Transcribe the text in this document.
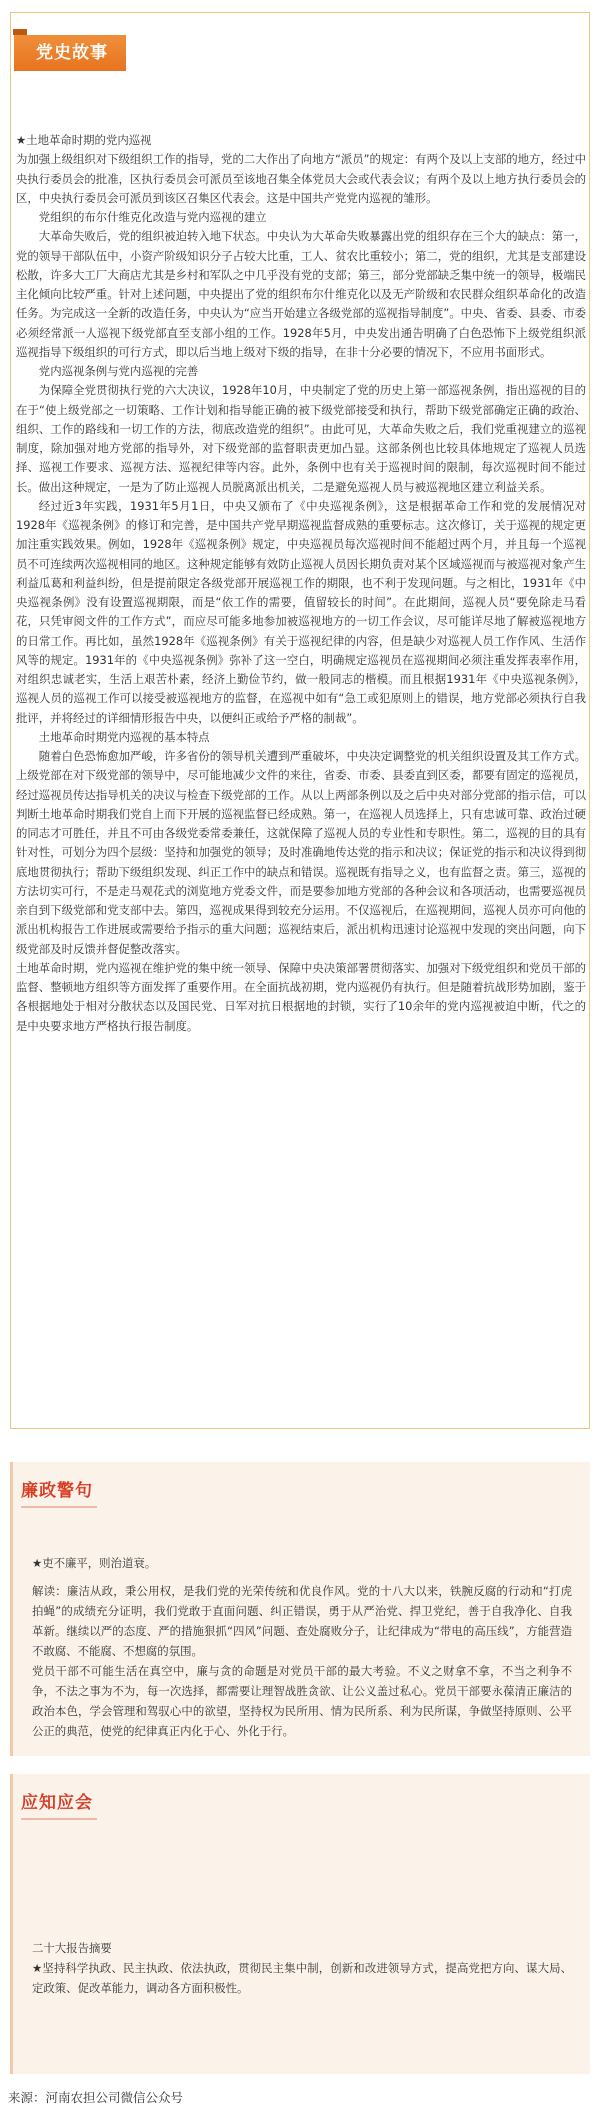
党史故事

★土地革命时期的党内巡视

为加强上级组织对下级组织工作的指导，党的二大作出了向地方“派员”的规定：有两个及以上支部的地方，经过中央执行委员会的批准，区执行委员会可派员至该地召集全体党员大会或代表会议；有两个及以上地方执行委员会的区，中央执行委员会可派员到该区召集区代表会。这是中国共产党党内巡视的雏形。

党组织的布尔什维克化改造与党内巡视的建立

大革命失败后，党的组织被迫转入地下状态。中央认为大革命失败暴露出党的组织存在三个大的缺点：第一，党的领导干部队伍中，小资产阶级知识分子占较大比重，工人、贫农比重较小；第二，党的组织，尤其是支部建设松散，许多大工厂大商店尤其是乡村和军队之中几乎没有党的支部；第三，部分党部缺乏集中统一的领导，极端民主化倾向比较严重。针对上述问题，中央提出了党的组织布尔什维克化以及无产阶级和农民群众组织革命化的改造任务。为完成这一全新的改造任务，中央认为“应当开始建立各级党部的巡视指导制度”。中央、省委、县委、市委必须经常派一人巡视下级党部直至支部小组的工作。1928年5月，中央发出通告明确了白色恐怖下上级党组织派巡视指导下级组织的可行方式，即以后当地上级对下级的指导，在非十分必要的情况下，不应用书面形式。

党内巡视条例与党内巡视的完善

为保障全党贯彻执行党的六大决议，1928年10月，中央制定了党的历史上第一部巡视条例，指出巡视的目的在于“使上级党部之一切策略、工作计划和指导能正确的被下级党部接受和执行，帮助下级党部确定正确的政治、组织、工作的路线和一切工作的方法，彻底改造党的组织”。由此可见，大革命失败之后，我们党重视建立的巡视制度，除加强对地方党部的指导外，对下级党部的监督职责更加凸显。这部条例也比较具体地规定了巡视人员选择、巡视工作要求、巡视方法、巡视纪律等内容。此外，条例中也有关于巡视时间的限制，每次巡视时间不能过长。做出这种规定，一是为了防止巡视人员脱离派出机关，二是避免巡视人员与被巡视地区建立利益关系。

经过近3年实践，1931年5月1日，中央又颁布了《中央巡视条例》，这是根据革命工作和党的发展情况对1928年《巡视条例》的修订和完善，是中国共产党早期巡视监督成熟的重要标志。这次修订，关于巡视的规定更加注重实践效果。例如，1928年《巡视条例》规定，中央巡视员每次巡视时间不能超过两个月，并且每一个巡视员不可连续两次巡视相同的地区。这种规定能够有效防止巡视人员因长期负责对某个区域巡视而与被巡视对象产生利益瓜葛和利益纠纷，但是提前限定各级党部开展巡视工作的期限，也不利于发现问题。与之相比，1931年《中央巡视条例》没有设置巡视期限，而是“依工作的需要，值留较长的时间”。在此期间，巡视人员“要免除走马看花，只凭审阅文件的工作方式”，而应尽可能多地参加被巡视地方的一切工作会议，尽可能详尽地了解被巡视地方的日常工作。再比如，虽然1928年《巡视条例》有关于巡视纪律的内容，但是缺少对巡视人员工作作风、生活作风等的规定。1931年的《中央巡视条例》弥补了这一空白，明确规定巡视员在巡视期间必须注重发挥表率作用，对组织忠诚老实，生活上艰苦朴素，经济上勤俭节约，做一般同志的楷模。而且根据1931年《中央巡视条例》，巡视人员的巡视工作可以接受被巡视地方的监督，在巡视中如有“急工或犯原则上的错误，地方党部必须执行自我批评，并将经过的详细情形报告中央，以便纠正或给予严格的制裁”。

土地革命时期党内巡视的基本特点

随着白色恐怖愈加严峻，许多省份的领导机关遭到严重破坏，中央决定调整党的机关组织设置及其工作方式。上级党部在对下级党部的领导中，尽可能地减少文件的来往，省委、市委、县委直到区委，都要有固定的巡视员，经过巡视员传达指导机关的决议与检查下级党部的工作。从以上两部条例以及之后中央对部分党部的指示信，可以判断土地革命时期我们党自上而下开展的巡视监督已经成熟。第一，在巡视人员选择上，只有忠诚可靠、政治过硬的同志才可胜任，并且不可由各级党委常委兼任，这就保障了巡视人员的专业性和专职性。第二，巡视的目的具有针对性，可划分为四个层级：坚持和加强党的领导；及时准确地传达党的指示和决议；保证党的指示和决议得到彻底地贯彻执行；帮助下级组织发现、纠正工作中的缺点和错误。巡视既有指导之义，也有监督之责。第三，巡视的方法切实可行，不是走马观花式的浏览地方党委文件，而是要参加地方党部的各种会议和各项活动，也需要巡视员亲自到下级党部和党支部中去。第四，巡视成果得到较充分运用。不仅巡视后，在巡视期间，巡视人员亦可向他的派出机构报告工作进展或需要给予指示的重大问题；巡视结束后，派出机构迅速讨论巡视中发现的突出问题，向下级党部及时反馈并督促整改落实。

土地革命时期，党内巡视在维护党的集中统一领导、保障中央决策部署贯彻落实、加强对下级党组织和党员干部的监督、整顿地方组织等方面发挥了重要作用。在全面抗战初期，党内巡视仍有执行。但是随着抗战形势加剧，鉴于各根据地处于相对分散状态以及国民党、日军对抗日根据地的封锁，实行了10余年的党内巡视被迫中断，代之的是中央要求地方严格执行报告制度。

廉政警句

★吏不廉平，则治道衰。

解读：廉洁从政，秉公用权，是我们党的光荣传统和优良作风。党的十八大以来，铁腕反腐的行动和“打虎拍蝇”的成绩充分证明，我们党敢于直面问题、纠正错误，勇于从严治党、捍卫党纪，善于自我净化、自我革新。继续以严的态度、严的措施狠抓“四风”问题、查处腐败分子，让纪律成为“带电的高压线”，方能营造不敢腐、不能腐、不想腐的氛围。

党员干部不可能生活在真空中，廉与贪的命题是对党员干部的最大考验。不义之财拿不拿，不当之利争不争，不法之事为不为，每一次选择，都需要让理智战胜贪欲、让公义盖过私心。党员干部要永葆清正廉洁的政治本色，学会管理和驾驭心中的欲望，坚持权为民所用、情为民所系、利为民所谋，争做坚持原则、公平公正的典范，使党的纪律真正内化于心、外化于行。

应知应会

二十大报告摘要

★坚持科学执政、民主执政、依法执政，贯彻民主集中制，创新和改进领导方式，提高党把方向、谋大局、定政策、促改革能力，调动各方面积极性。

来源：河南农担公司微信公众号
